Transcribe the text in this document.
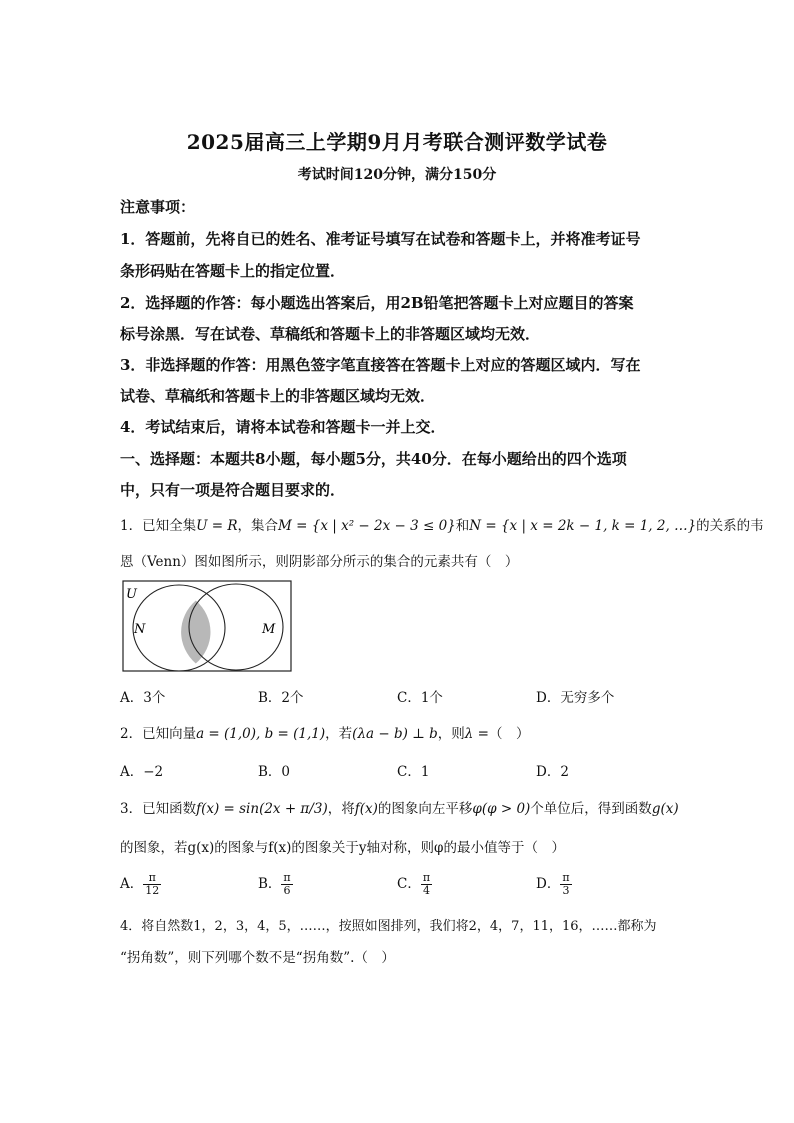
2025届高三上学期9月月考联合测评数学试卷
考试时间120分钟，满分150分
注意事项：
1．答题前，先将自已的姓名、准考证号填写在试卷和答题卡上，并将准考证号
条形码贴在答题卡上的指定位置．
2．选择题的作答：每小题选出答案后，用2B铅笔把答题卡上对应题目的答案
标号涂黑．写在试卷、草稿纸和答题卡上的非答题区域均无效．
3．非选择题的作答：用黑色签字笔直接答在答题卡上对应的答题区域内．写在
试卷、草稿纸和答题卡上的非答题区域均无效．
4．考试结束后，请将本试卷和答题卡一并上交．
一、选择题：本题共8小题，每小题5分，共40分．在每小题给出的四个选项
中，只有一项是符合题目要求的．
1．已知全集U = R，集合M = {x | x² − 2x − 3 ≤ 0}和N = {x | x = 2k − 1, k = 1, 2, …}的关系的韦
恩（Venn）图如图所示，则阴影部分所示的集合的元素共有（　）
U
N	M
A．3个	B．2个	C．1个	D．无穷多个
2．已知向量a = (1,0), b = (1,1)，若(λa − b) ⊥ b，则λ =（　）
A．−2	B．0	C．1	D．2
3．已知函数f(x) = sin(2x + π/3)，将f(x)的图象向左平移φ(φ > 0)个单位后，得到函数g(x)
的图象，若g(x)的图象与f(x)的图象关于y轴对称，则φ的最小值等于（　）
A． $\frac{\pi}{12}$	B． $\frac{\pi}{6}$	C． $\frac{\pi}{4}$	D． $\frac{\pi}{3}$
4．将自然数1，2，3，4，5，……，按照如图排列，我们将2，4，7，11，16，……都称为
“拐角数”，则下列哪个数不是“拐角数”.（　）
